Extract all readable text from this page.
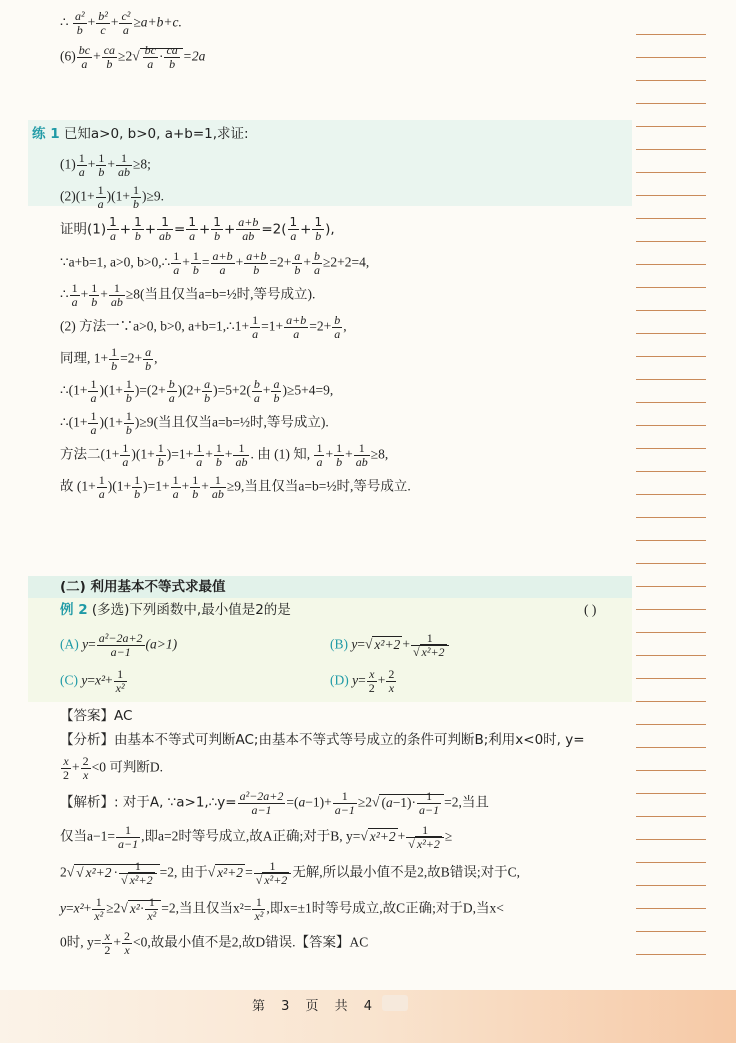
∴ $\frac{\text{a²}}{b} + \frac{\text{b²}}{c} + \frac{\text{c²}}{a} \ge a+b+c$.
$(6) \frac{bc}{a} + \frac{ca}{b} \ge 2√ \frac{bc}{a} \cdot \frac{ca}{b} =2a$
练 1 已知a>0, b>0, a+b=1,求证:
$(1) \frac{1}{a} + \frac{1}{b} + \frac{1}{ab} \ge 8$;
$(2)(1+ \frac{1}{a} )(1+ \frac{1}{b} )\ge 9$.
证明$(1) \frac{1}{a} + \frac{1}{b} + \frac{1}{ab} = \frac{1}{a} + \frac{1}{b} + \frac{a+b}{ab} =2( \frac{1}{a} + \frac{1}{b}$ ),
∵a+b=1, a>0, b>0,∴ $\frac{1}{a} + \frac{1}{b} = \frac{a+b}{a} + \frac{a+b}{b} =2+ \frac{a}{b} + \frac{b}{a} \ge 2+2=4$,
∴ $\frac{1}{a} + \frac{1}{b} + \frac{1}{ab} \ge 8$(当且仅当a=b=½时,等号成立).
(2) 方法一∵a>0, b>0, a+b=1,∴1+ $\frac{1}{a} =1+ \frac{a+b}{a} =2+ \frac{b}{a}$ ,
同理, $1+ \frac{1}{b} =2+ \frac{a}{b}$ ,
∴(1+ $\frac{1}{a} )(1+ \frac{1}{b} )=(2+ \frac{b}{a} )(2+ \frac{a}{b} )=5+2( \frac{b}{a} + \frac{a}{b} )\ge 5+4=9$,
∴(1+ $\frac{1}{a} )(1+ \frac{1}{b} )\ge 9$(当且仅当a=b=½时,等号成立).
方法二$(1+ \frac{1}{a} )(1+ \frac{1}{b} )=1+ \frac{1}{a} + \frac{1}{b} + \frac{1}{ab}$ . 由 (1) 知, $\frac{1}{a} + \frac{1}{b} + \frac{1}{ab} \ge 8$,
故 $(1+ \frac{1}{a} )(1+ \frac{1}{b} )=1+ \frac{1}{a} + \frac{1}{b} + \frac{1}{ab} \ge 9$,当且仅当a=b=½时,等号成立.
(二) 利用基本不等式求最值
例 2 (多选)下列函数中,最小值是2的是	( )
(A) $y= \frac{\text{a²−2a+2}}{a-1} (a>1)$	(B) y=√ $x^2+2 + \frac{1}{\text{√ x²+2}}$
(C) $y=x^2+ \frac{1}{\text{x²}}$	(D) $y= \frac{x}{2} + \frac{2}{x}$
【答案】AC
【分析】由基本不等式可判断AC;由基本不等式等号成立的条件可判断B;利用x<0时, y=
$\frac{x}{2} + \frac{2}{x} <0$ 可判断D.
【解析】: 对于A, ∵a>1,∴y= $\frac{\text{a²−2a+2}}{a-1} =(a-1)+ \frac{1}{a-1} \ge 2√$ $(a-1)\cdot \frac{1}{a-1} =2$,当且
仅当$a-1= \frac{1}{a-1}$ ,即a=2时等号成立,故A正确;对于B, y=√ $x^2+2 + \frac{1}{\text{√ x²+2}}$ ≥
2√ √ $x^2+2 \cdot \frac{1}{\text{√ x²+2}} =2$, 由于√ $x^2+2 = \frac{1}{\text{√ x²+2}}$ 无解,所以最小值不是2,故B错误;对于C,
$y=x^2+ \frac{1}{\text{x²}} \ge 2√$ $x^2\cdot \frac{1}{\text{x²}} =2$,当且仅当$x^2= \frac{1}{\text{x²}}$ ,即x=±1时等号成立,故C正确;对于D,当x<
0时, $y= \frac{x}{2} + \frac{2}{x} <0$,故最小值不是2,故D错误.【答案】AC
第 3 页 共 4
